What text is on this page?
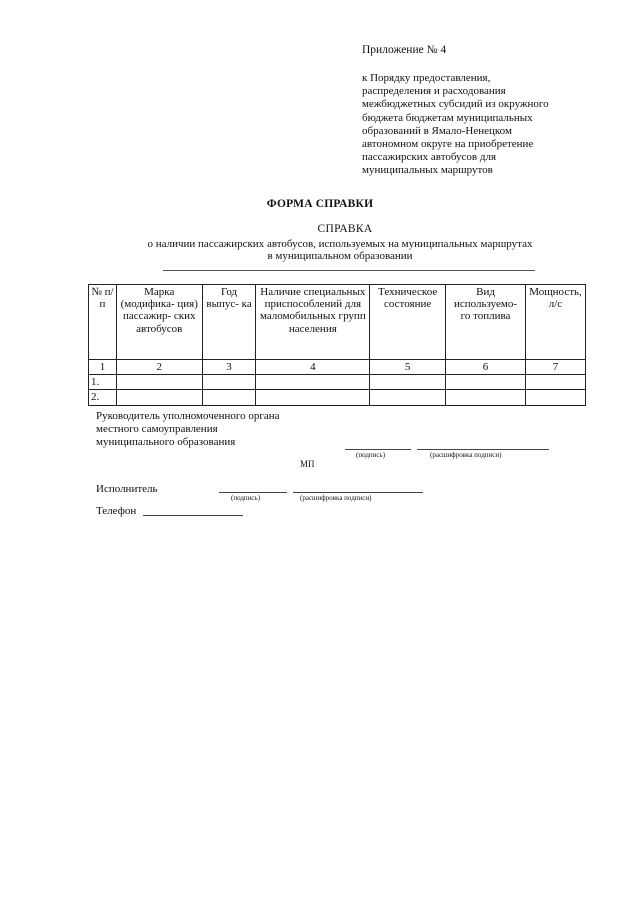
Приложение № 4
к Порядку предоставления,
распределения и расходования
межбюджетных субсидий из окружного
бюджета бюджетам муниципальных
образований в Ямало-Ненецком
автономном округе на приобретение
пассажирских автобусов для
муниципальных маршрутов
ФОРМА СПРАВКИ
СПРАВКА
о наличии пассажирских автобусов, используемых на муниципальных маршрутах
в муниципальном образовании
№ п/п	Марка (модифика- ция) пассажир- ских автобусов	Год выпус- ка	Наличие специальных приспособлений для маломобильных групп населения	Техническое состояние	Вид используемо- го топлива	Мощность, л/с
1	2	3	4	5	6	7
1.						
2.						
Руководитель уполномоченного органа
местного самоуправления
муниципального образования
(подпись)	(расшифровка подписи)
МП
Исполнитель
(подпись)	(расшифровка подписи)
Телефон
